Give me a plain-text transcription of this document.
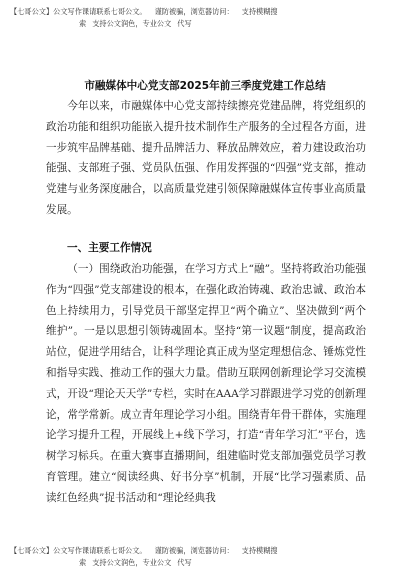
【七哥公文】公文写作课请联系七哥公文。 谨防被骗，浏览器访问： 支持模糊搜
索 支持公文润色，专业公文 代写
市融媒体中心党支部2025年前三季度党建工作总结

今年以来，市融媒体中心党支部持续擦亮党建品牌，将党组织的政治功能和组织功能嵌入提升技术制作生产服务的全过程各方面，进一步筑牢品牌基础、提升品牌活力、释放品牌效应，着力建设政治功能强、支部班子强、党员队伍强、作用发挥强的“四强”党支部，推动党建与业务深度融合，以高质量党建引领保障融媒体宣传事业高质量发展。

一、主要工作情况

（一）围绕政治功能强，在学习方式上“融”。坚持将政治功能强作为“四强”党支部建设的根本，在强化政治铸魂、政治忠诚、政治本色上持续用力，引导党员干部坚定捍卫“两个确立”、坚决做到“两个维护”。一是以思想引领铸魂固本。坚持“第一议题”制度，提高政治站位，促进学用结合，让科学理论真正成为坚定理想信念、锤炼党性和指导实践、推动工作的强大力量。借助互联网创新理论学习交流模式，开设“理论天天学”专栏，实时在AAA学习群跟进学习党的创新理论，常学常新。成立青年理论学习小组。围绕青年骨干群体，实施理论学习提升工程，开展线上+线下学习，打造“青年学习汇”平台，选树学习标兵。在重大赛事直播期间，组建临时党支部加强党员学习教育管理。建立“阅读经典、好书分享”机制，开展“比学习强素质、品读红色经典”捉书活动和“理论经典我

【七哥公文】公文写作课请联系七哥公文。 谨防被骗，浏览器访问： 支持模糊搜
索 支持公文润色，专业公文 代写
